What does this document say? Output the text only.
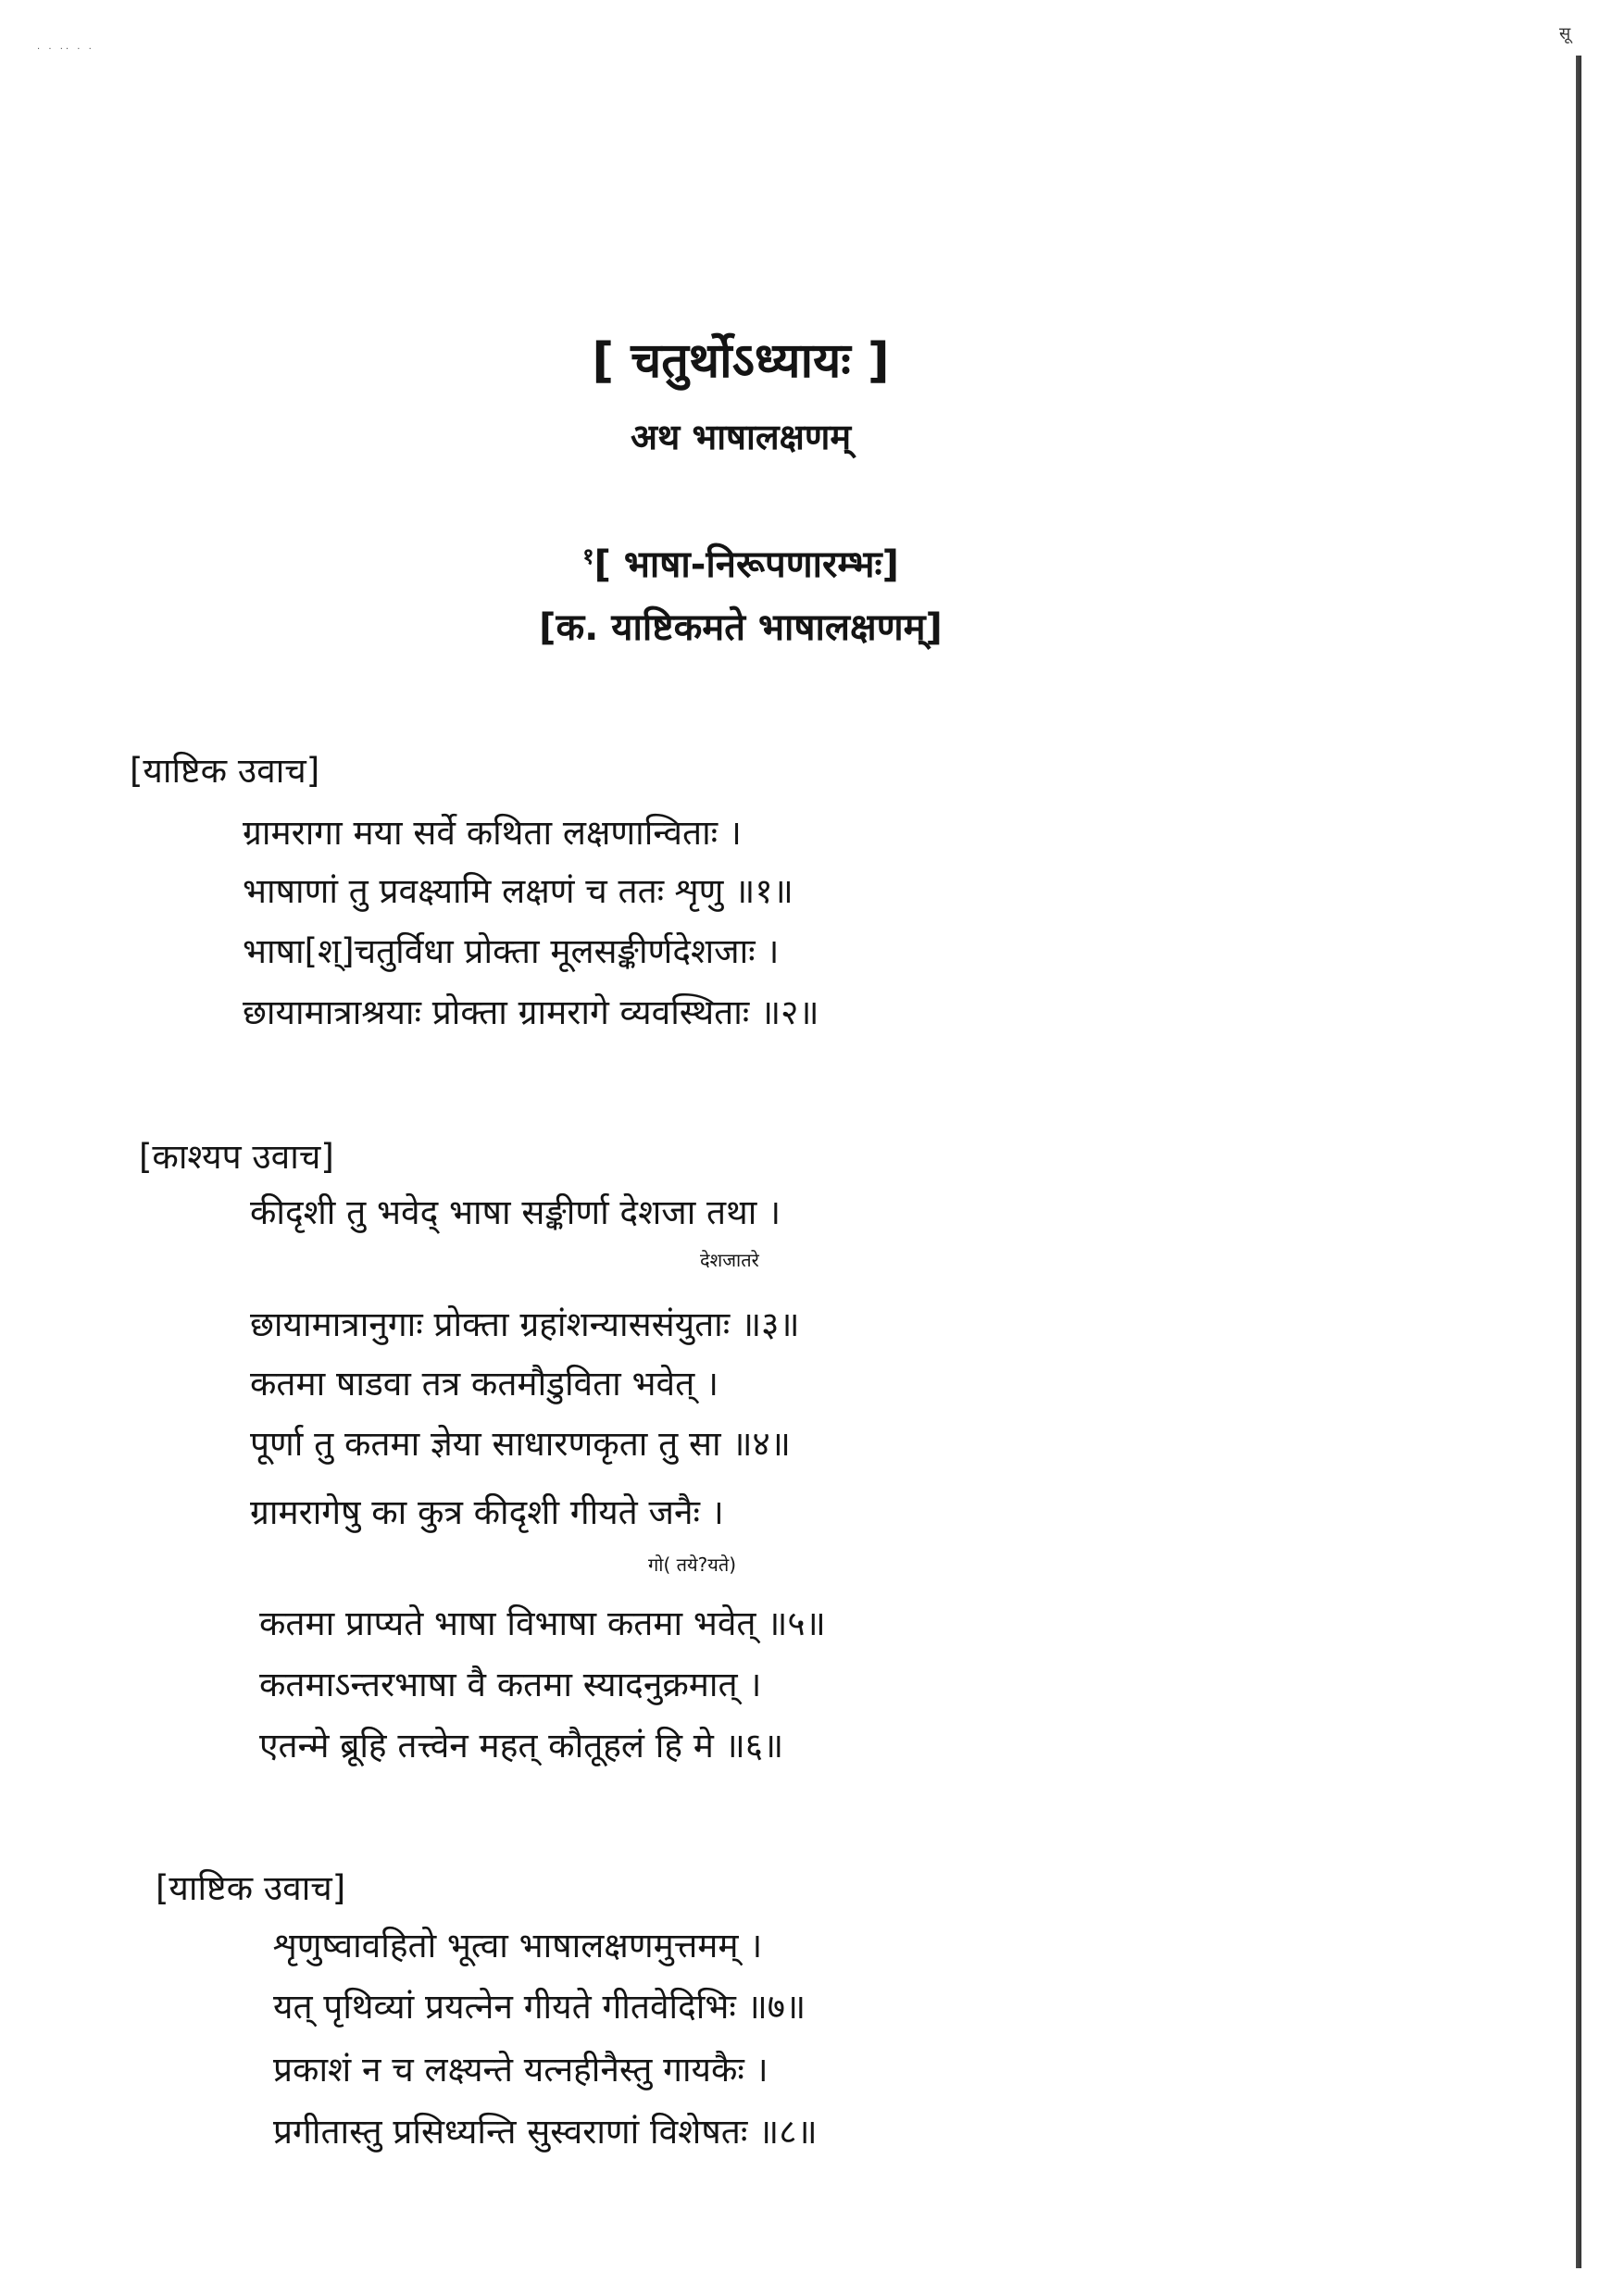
· · ·· · ·
सू
[ चतुर्थोऽध्यायः ]
अथ भाषालक्षणम्
$^१$[ भाषा-निरूपणारम्भः]
[क. याष्टिकमते भाषालक्षणम्]
[याष्टिक उवाच]
ग्रामरागा मया सर्वे कथिता लक्षणान्विताः ।
भाषाणां तु प्रवक्ष्यामि लक्षणं च ततः शृणु ॥१॥
भाषा[श्]चतुर्विधा प्रोक्ता मूलसङ्कीर्णदेशजाः ।
छायामात्राश्रयाः प्रोक्ता ग्रामरागे व्यवस्थिताः ॥२॥
[काश्यप उवाच]
कीदृशी तु भवेद् भाषा सङ्कीर्णा देशजा तथा ।
देशजातरे
छायामात्रानुगाः प्रोक्ता ग्रहांशन्याससंयुताः ॥३॥
कतमा षाडवा तत्र कतमौडुविता भवेत् ।
पूर्णा तु कतमा ज्ञेया साधारणकृता तु सा ॥४॥
ग्रामरागेषु का कुत्र कीदृशी गीयते जनैः ।
गो( तये?यते)
कतमा प्राप्यते भाषा विभाषा कतमा भवेत् ॥५॥
कतमाऽन्तरभाषा वै कतमा स्यादनुक्रमात् ।
एतन्मे ब्रूहि तत्त्वेन महत् कौतूहलं हि मे ॥६॥
[याष्टिक उवाच]
शृणुष्वावहितो भूत्वा भाषालक्षणमुत्तमम् ।
यत् पृथिव्यां प्रयत्नेन गीयते गीतवेदिभिः ॥७॥
प्रकाशं न च लक्ष्यन्ते यत्नहीनैस्तु गायकैः ।
प्रगीतास्तु प्रसिध्यन्ति सुस्वराणां विशेषतः ॥८॥
